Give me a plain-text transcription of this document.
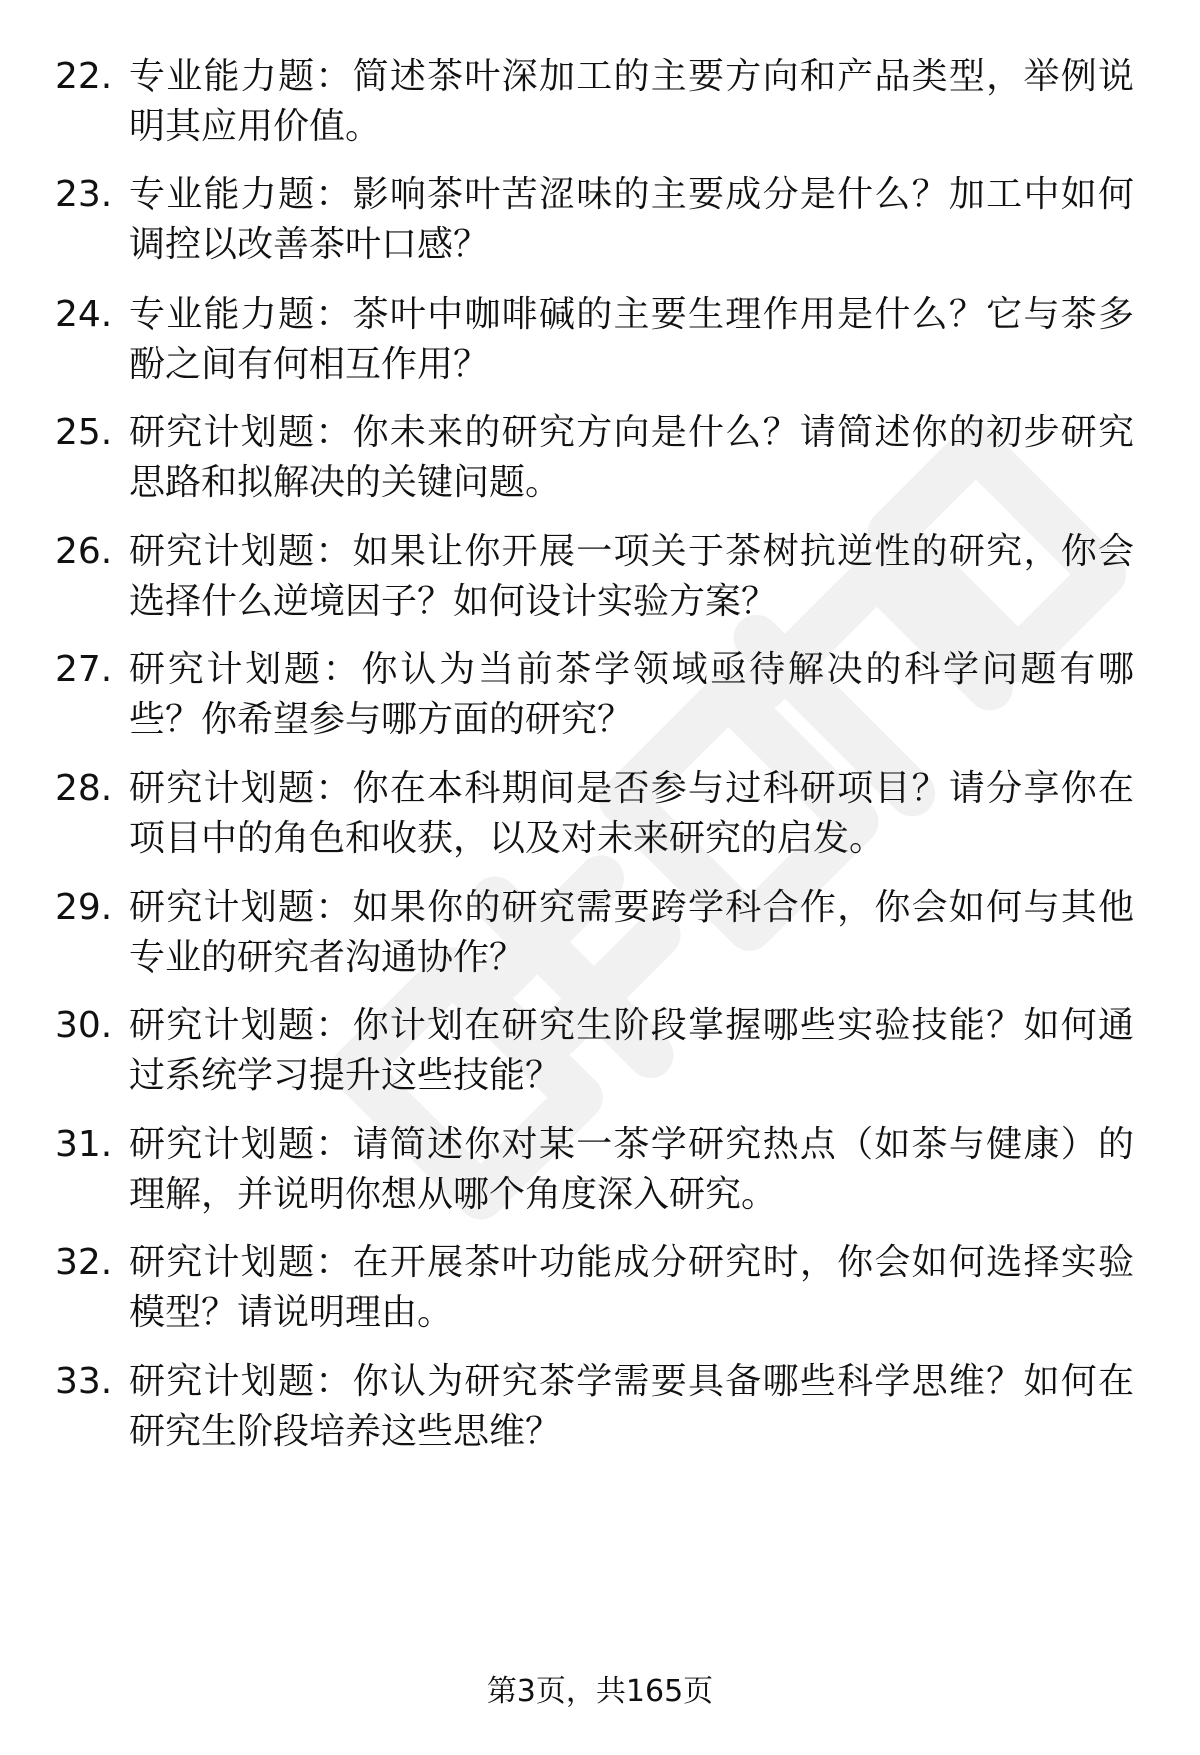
22. 专业能力题：简述茶叶深加工的主要方向和产品类型，举例说明其应用价值。
23. 专业能力题：影响茶叶苦涩味的主要成分是什么？加工中如何调控以改善茶叶口感？
24. 专业能力题：茶叶中咖啡碱的主要生理作用是什么？它与茶多酚之间有何相互作用？
25. 研究计划题：你未来的研究方向是什么？请简述你的初步研究思路和拟解决的关键问题。
26. 研究计划题：如果让你开展一项关于茶树抗逆性的研究，你会选择什么逆境因子？如何设计实验方案？
27. 研究计划题：你认为当前茶学领域亟待解决的科学问题有哪些？你希望参与哪方面的研究？
28. 研究计划题：你在本科期间是否参与过科研项目？请分享你在项目中的角色和收获，以及对未来研究的启发。
29. 研究计划题：如果你的研究需要跨学科合作，你会如何与其他专业的研究者沟通协作？
30. 研究计划题：你计划在研究生阶段掌握哪些实验技能？如何通过系统学习提升这些技能？
31. 研究计划题：请简述你对某一茶学研究热点（如茶与健康）的理解，并说明你想从哪个角度深入研究。
32. 研究计划题：在开展茶叶功能成分研究时，你会如何选择实验模型？请说明理由。
33. 研究计划题：你认为研究茶学需要具备哪些科学思维？如何在研究生阶段培养这些思维？
第3页，共165页
